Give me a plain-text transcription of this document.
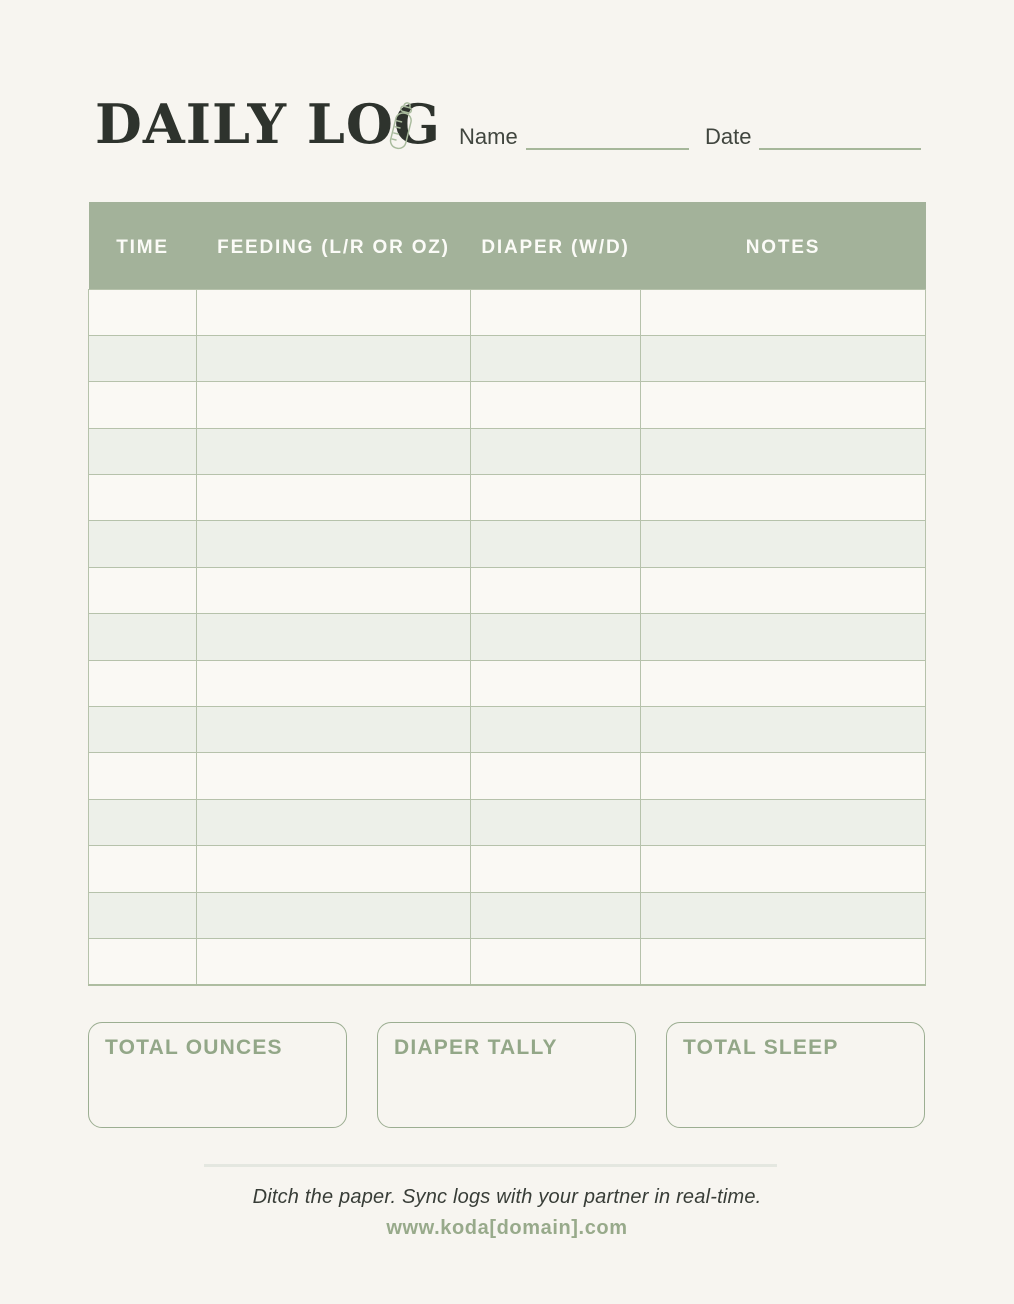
DAILY LOG Name	Date
TIME	FEEDING (L/R OR OZ)	DIAPER (W/D)	NOTES

TOTAL OUNCES	DIAPER TALLY	TOTAL SLEEP
Ditch the paper. Sync logs with your partner in real-time.
www.koda[domain].com
